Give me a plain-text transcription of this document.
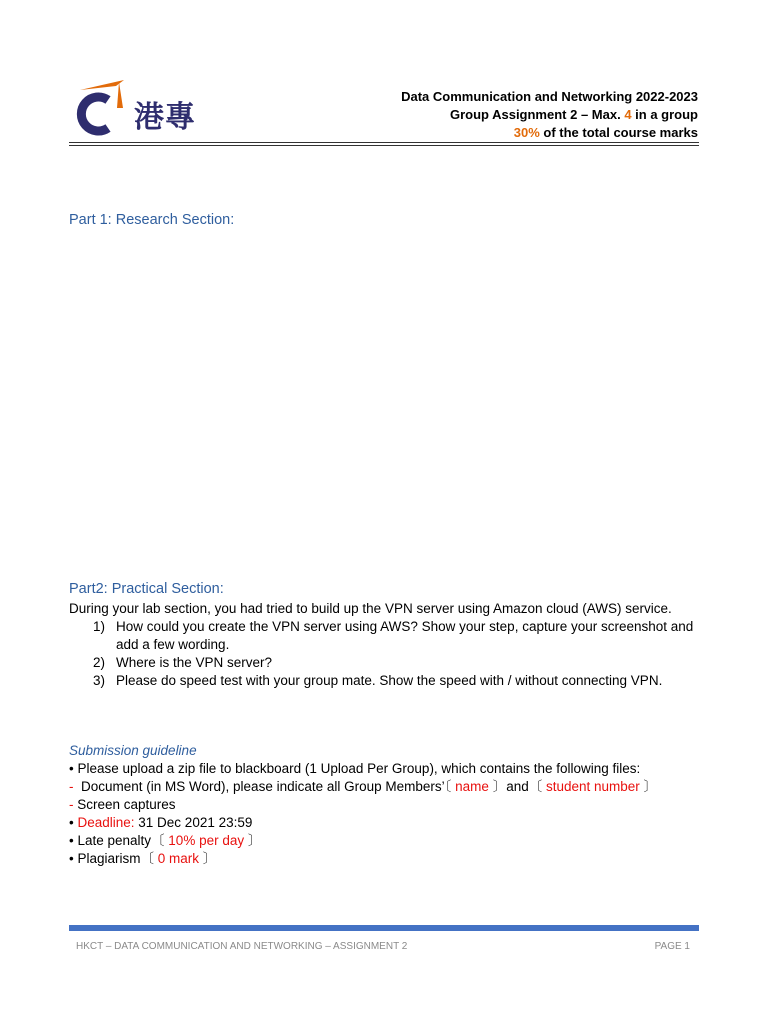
港專
Data Communication and Networking 2022-2023
Group Assignment 2 – Max. 4 in a group
30% of the total course marks
Part 1: Research Section:
Part2: Practical Section:
During your lab section, you had tried to build up the VPN server using Amazon cloud (AWS) service.
1) How could you create the VPN server using AWS? Show your step, capture your screenshot and add a few wording.
2) Where is the VPN server?
3) Please do speed test with your group mate. Show the speed with / without connecting VPN.
Submission guideline
• Please upload a zip file to blackboard (1 Upload Per Group), which contains the following files:
-  Document (in MS Word), please indicate all Group Members’〔 name 〕and〔 student number 〕
- Screen captures
• Deadline: 31 Dec 2021 23:59
• Late penalty〔 10% per day 〕
• Plagiarism〔 0 mark 〕
HKCT – DATA COMMUNICATION AND NETWORKING – ASSIGNMENT 2	PAGE 1
